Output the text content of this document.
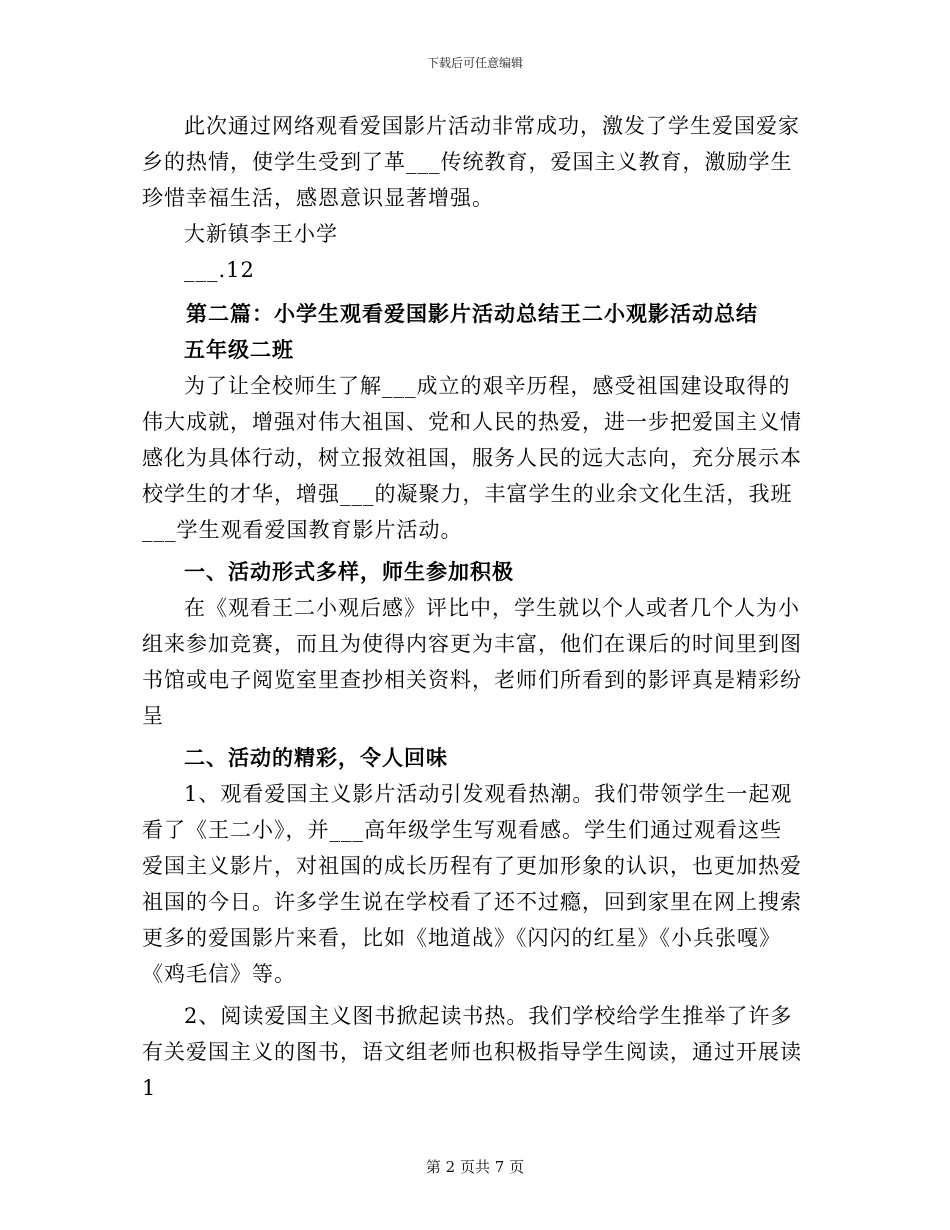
下载后可任意编辑

此次通过网络观看爱国影片活动非常成功，激发了学生爱国爱家乡的热情，使学生受到了革___传统教育，爱国主义教育，激励学生珍惜幸福生活，感恩意识显著增强。

大新镇李王小学
___.12
第二篇：小学生观看爱国影片活动总结王二小观影活动总结
五年级二班

为了让全校师生了解___成立的艰辛历程，感受祖国建设取得的伟大成就，增强对伟大祖国、党和人民的热爱，进一步把爱国主义情感化为具体行动，树立报效祖国，服务人民的远大志向，充分展示本校学生的才华，增强___的凝聚力，丰富学生的业余文化生活，我班___学生观看爱国教育影片活动。

一、活动形式多样，师生参加积极

在《观看王二小观后感》评比中，学生就以个人或者几个人为小组来参加竞赛，而且为使得内容更为丰富，他们在课后的时间里到图书馆或电子阅览室里查抄相关资料，老师们所看到的影评真是精彩纷呈

二、活动的精彩，令人回味

1、观看爱国主义影片活动引发观看热潮。我们带领学生一起观看了《王二小》，并___高年级学生写观看感。学生们通过观看这些爱国主义影片，对祖国的成长历程有了更加形象的认识，也更加热爱祖国的今日。许多学生说在学校看了还不过瘾，回到家里在网上搜索更多的爱国影片来看，比如《地道战》《闪闪的红星》《小兵张嘎》《鸡毛信》等。

2、阅读爱国主义图书掀起读书热。我们学校给学生推举了许多有关爱国主义的图书，语文组老师也积极指导学生阅读，通过开展读1

第 2 页共 7 页
